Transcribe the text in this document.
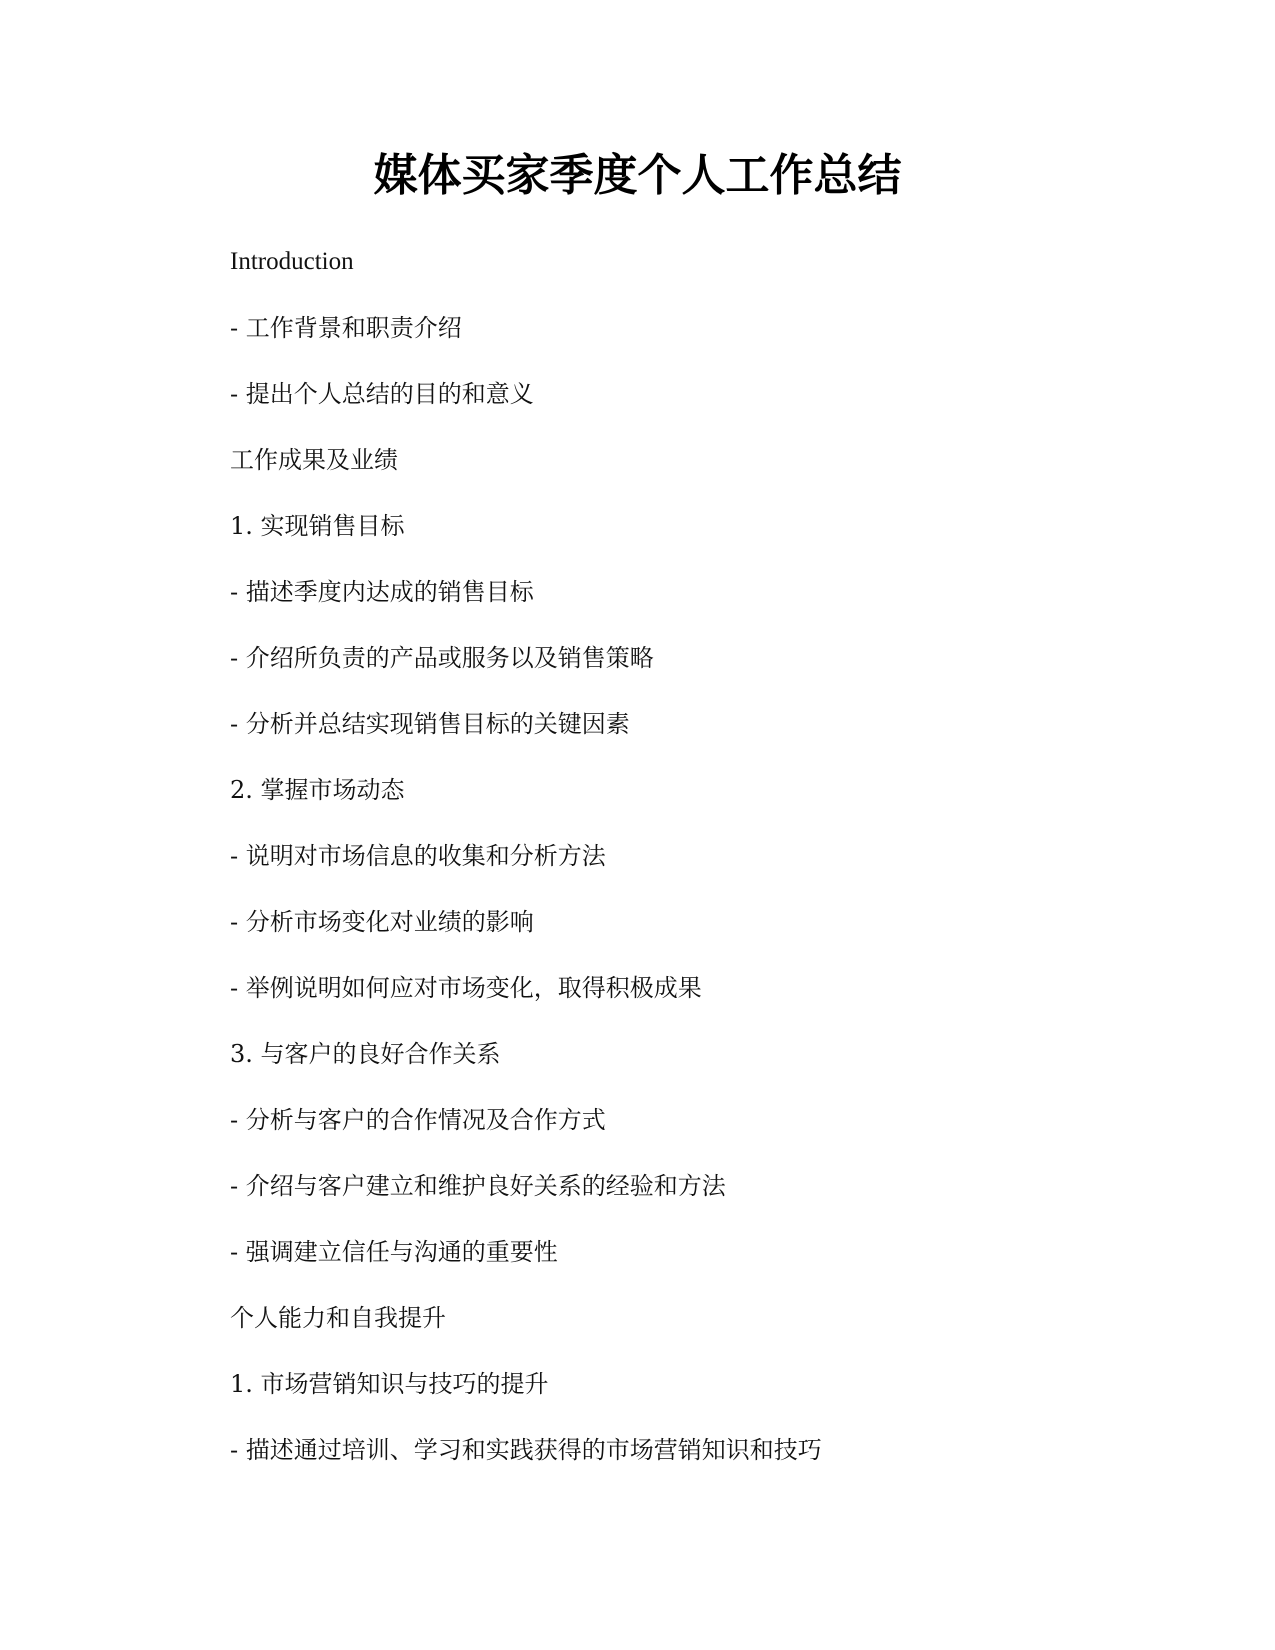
媒体买家季度个人工作总结
Introduction
- 工作背景和职责介绍
- 提出个人总结的目的和意义
工作成果及业绩
1. 实现销售目标
- 描述季度内达成的销售目标
- 介绍所负责的产品或服务以及销售策略
- 分析并总结实现销售目标的关键因素
2. 掌握市场动态
- 说明对市场信息的收集和分析方法
- 分析市场变化对业绩的影响
- 举例说明如何应对市场变化，取得积极成果
3. 与客户的良好合作关系
- 分析与客户的合作情况及合作方式
- 介绍与客户建立和维护良好关系的经验和方法
- 强调建立信任与沟通的重要性
个人能力和自我提升
1. 市场营销知识与技巧的提升
- 描述通过培训、学习和实践获得的市场营销知识和技巧
